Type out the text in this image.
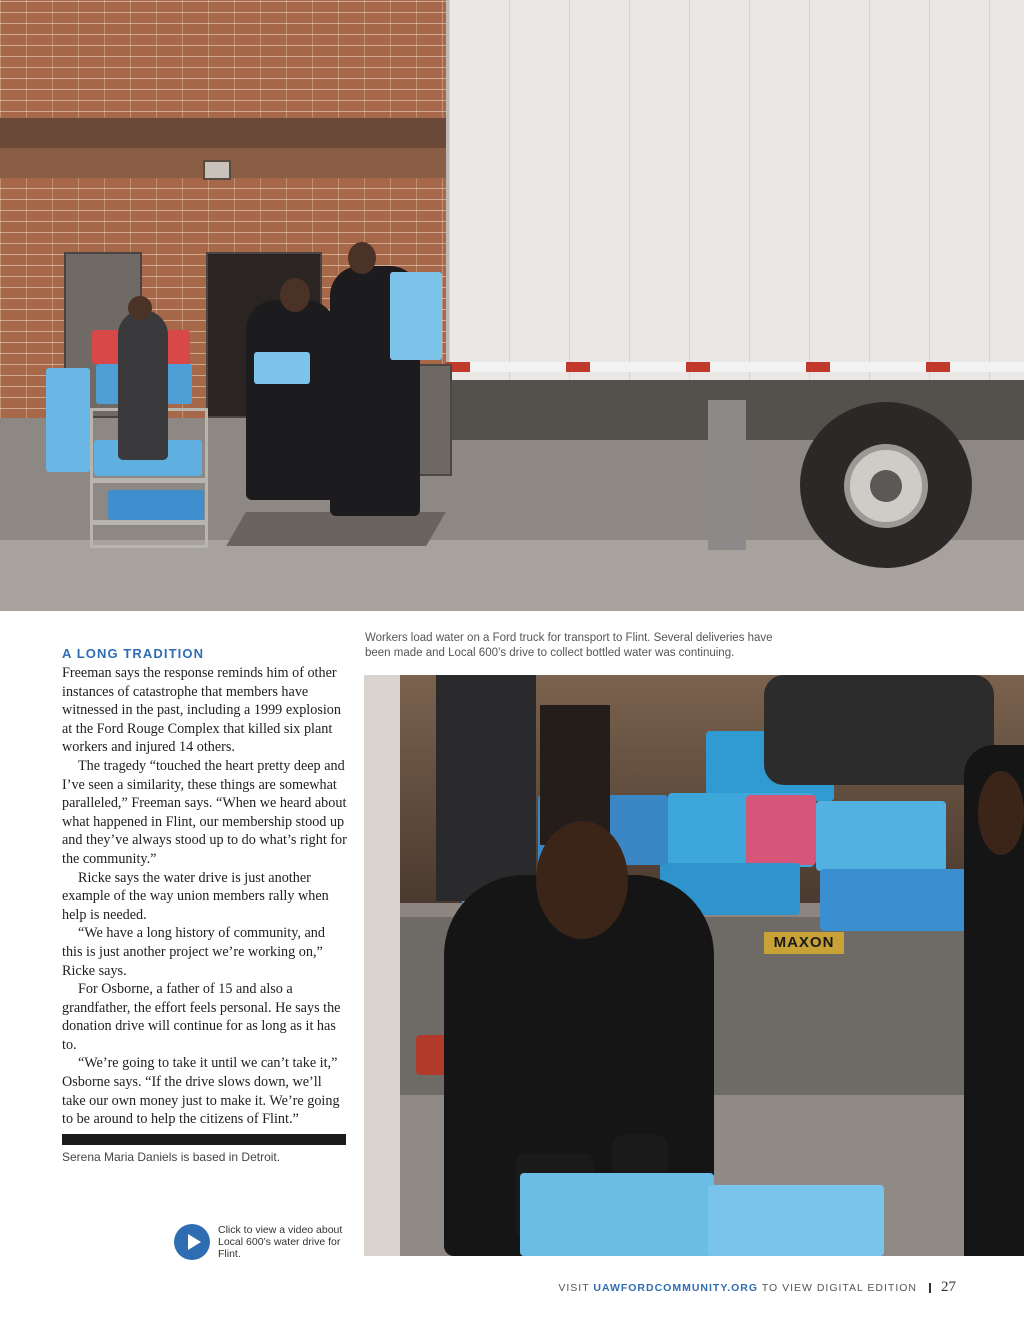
A LONG TRADITION

Freeman says the response reminds him of other instances of catastrophe that members have witnessed in the past, including a 1999 explosion at the Ford Rouge Complex that killed six plant workers and injured 14 others.

The tragedy “touched the heart pretty deep and I’ve seen a similarity, these things are somewhat paralleled,” Freeman says. “When we heard about what happened in Flint, our membership stood up and they’ve always stood up to do what’s right for the community.”

Ricke says the water drive is just another example of the way union members rally when help is needed.

“We have a long history of community, and this is just another project we’re working on,” Ricke says.

For Osborne, a father of 15 and also a grandfather, the effort feels personal. He says the donation drive will continue for as long as it has to.

“We’re going to take it until we can’t take it,” Osborne says. “If the drive slows down, we’ll take our own money just to make it. We’re going to be around to help the citizens of Flint.”

Serena Maria Daniels is based in Detroit.
Click to view a video about Local 600’s water drive for Flint.
Workers load water on a Ford truck for transport to Flint. Several deliveries have been made and Local 600’s drive to collect bottled water was continuing.
MAXON
VISIT UAWFORDCOMMUNITY.ORG TO VIEW DIGITAL EDITION 27
